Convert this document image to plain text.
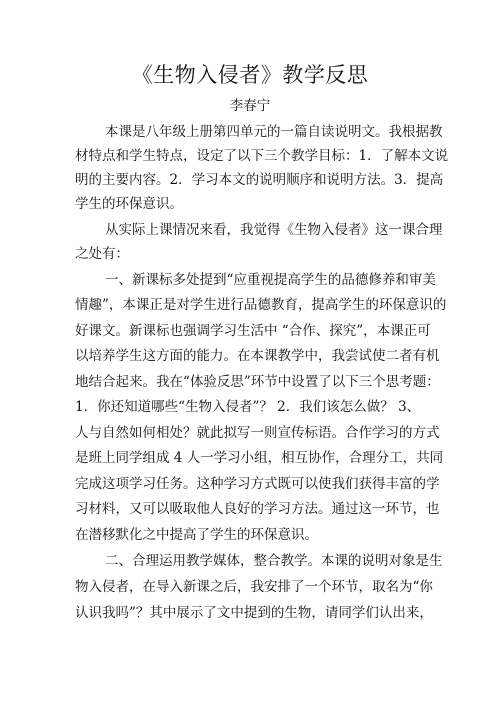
《生物入侵者》教学反思
李春宁
本课是八年级上册第四单元的一篇自读说明文。我根据教
材特点和学生特点，设定了以下三个教学目标：1．了解本文说
明的主要内容。2．学习本文的说明顺序和说明方法。3．提高
学生的环保意识。
从实际上课情况来看，我觉得《生物入侵者》这一课合理
之处有：
一、新课标多处提到“应重视提高学生的品德修养和审美
情趣”，本课正是对学生进行品德教育，提高学生的环保意识的
好课文。新课标也强调学习生活中 “合作、探究”，本课正可
以培养学生这方面的能力。在本课教学中，我尝试使二者有机
地结合起来。我在“体验反思”环节中设置了以下三个思考题：
1．你还知道哪些“生物入侵者”？ 2．我们该怎么做？ 3、
人与自然如何相处？就此拟写一则宣传标语。合作学习的方式
是班上同学组成 4 人一学习小组，相互协作，合理分工，共同
完成这项学习任务。这种学习方式既可以使我们获得丰富的学
习材料，又可以吸取他人良好的学习方法。通过这一环节，也
在潜移默化之中提高了学生的环保意识。
二、合理运用教学媒体，整合教学。本课的说明对象是生
物入侵者，在导入新课之后，我安排了一个环节，取名为“你
认识我吗”？其中展示了文中提到的生物，请同学们认出来，
